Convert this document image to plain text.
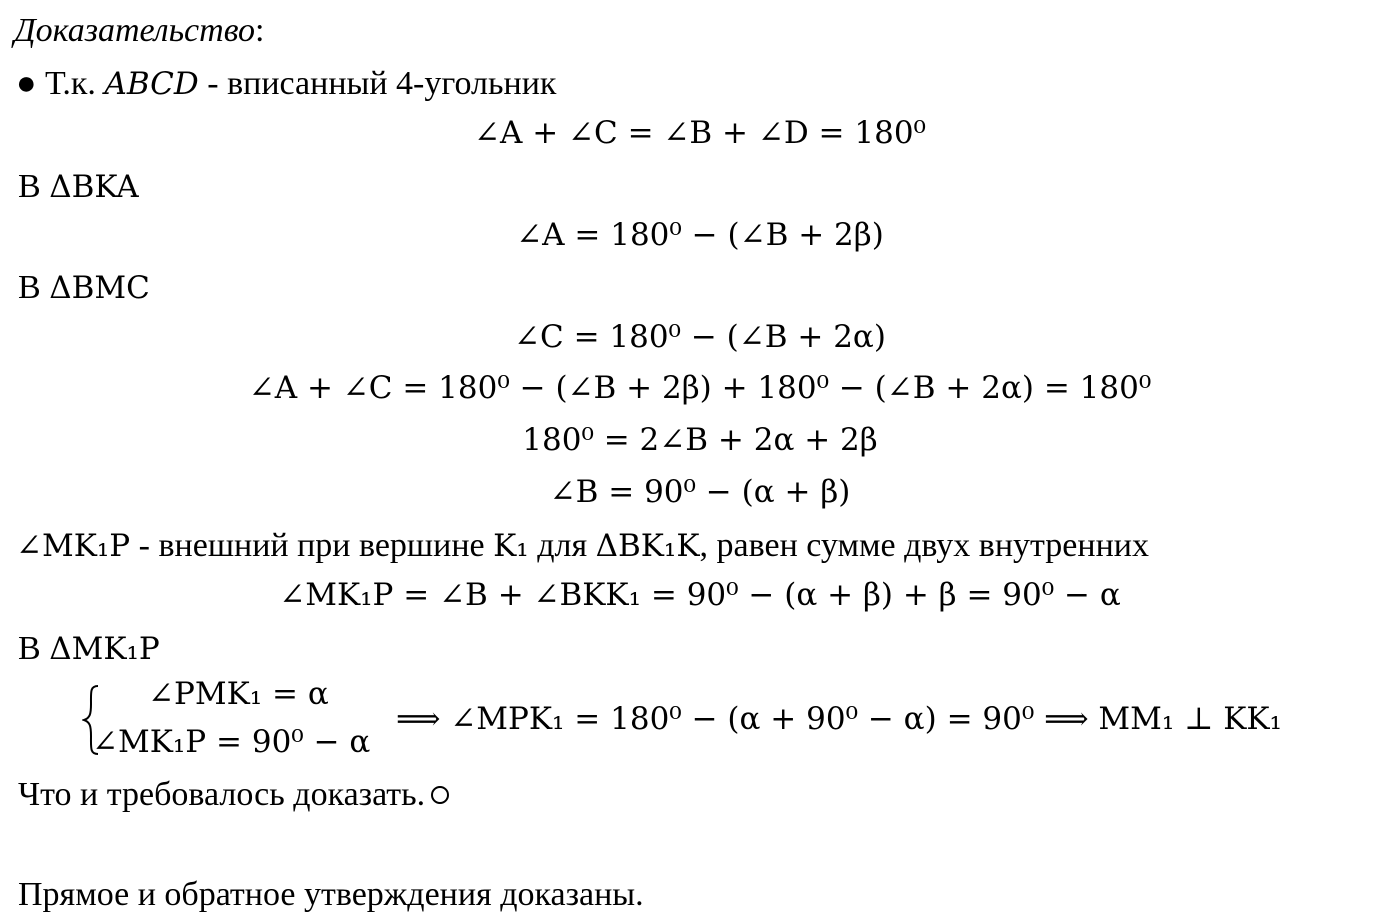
Доказательство:
● Т.к. ABCD - вписанный 4-угольник
∠A + ∠C = ∠B + ∠D = 180⁰
В ΔBKA
∠A = 180⁰ − (∠B + 2β)
В ΔBMC
∠C = 180⁰ − (∠B + 2α)
∠A + ∠C = 180⁰ − (∠B + 2β) + 180⁰ − (∠B + 2α) = 180⁰
180⁰ = 2∠B + 2α + 2β
∠B = 90⁰ − (α + β)
∠MK₁P - внешний при вершине K₁ для ΔBK₁K, равен сумме двух внутренних
∠MK₁P = ∠B + ∠BKK₁ = 90⁰ − (α + β) + β = 90⁰ − α
В ΔMK₁P
∠PMK₁ = α
∠MK₁P = 90⁰ − α
⟹ ∠MPK₁ = 180⁰ − (α + 90⁰ − α) = 90⁰ ⟹ MM₁ ⊥ KK₁
Что и требовалось доказать.
Прямое и обратное утверждения доказаны.
